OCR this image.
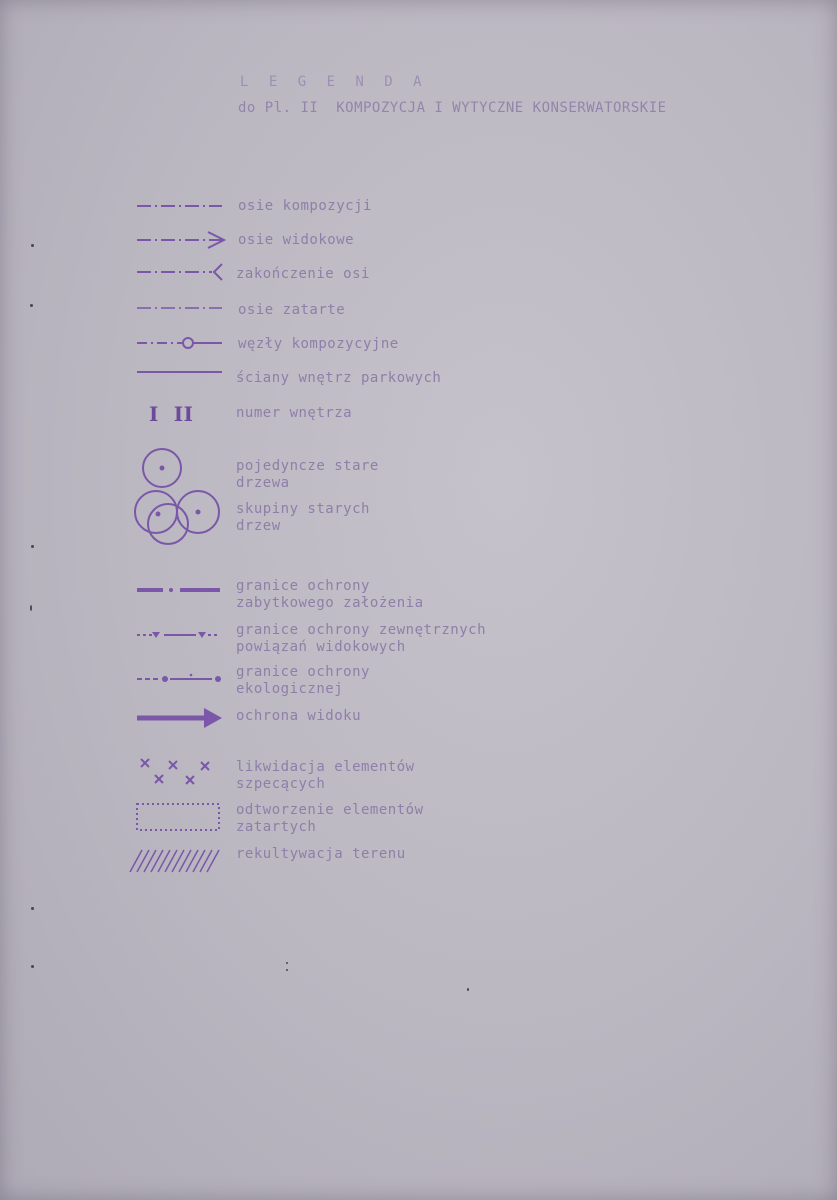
L E G E N D A
do Pl. II  KOMPOZYCJA I WYTYCZNE KONSERWATORSKIE
I  II
osie kompozycji
osie widokowe
zakończenie osi
osie zatarte
węzły kompozycyjne
ściany wnętrz parkowych
numer wnętrza
pojedyncze stare
drzewa
skupiny starych
drzew
granice ochrony
zabytkowego założenia
granice ochrony zewnętrznych
powiązań widokowych
granice ochrony
ekologicznej
ochrona widoku
likwidacja elementów
szpecących
odtworzenie elementów
zatartych
rekultywacja terenu
